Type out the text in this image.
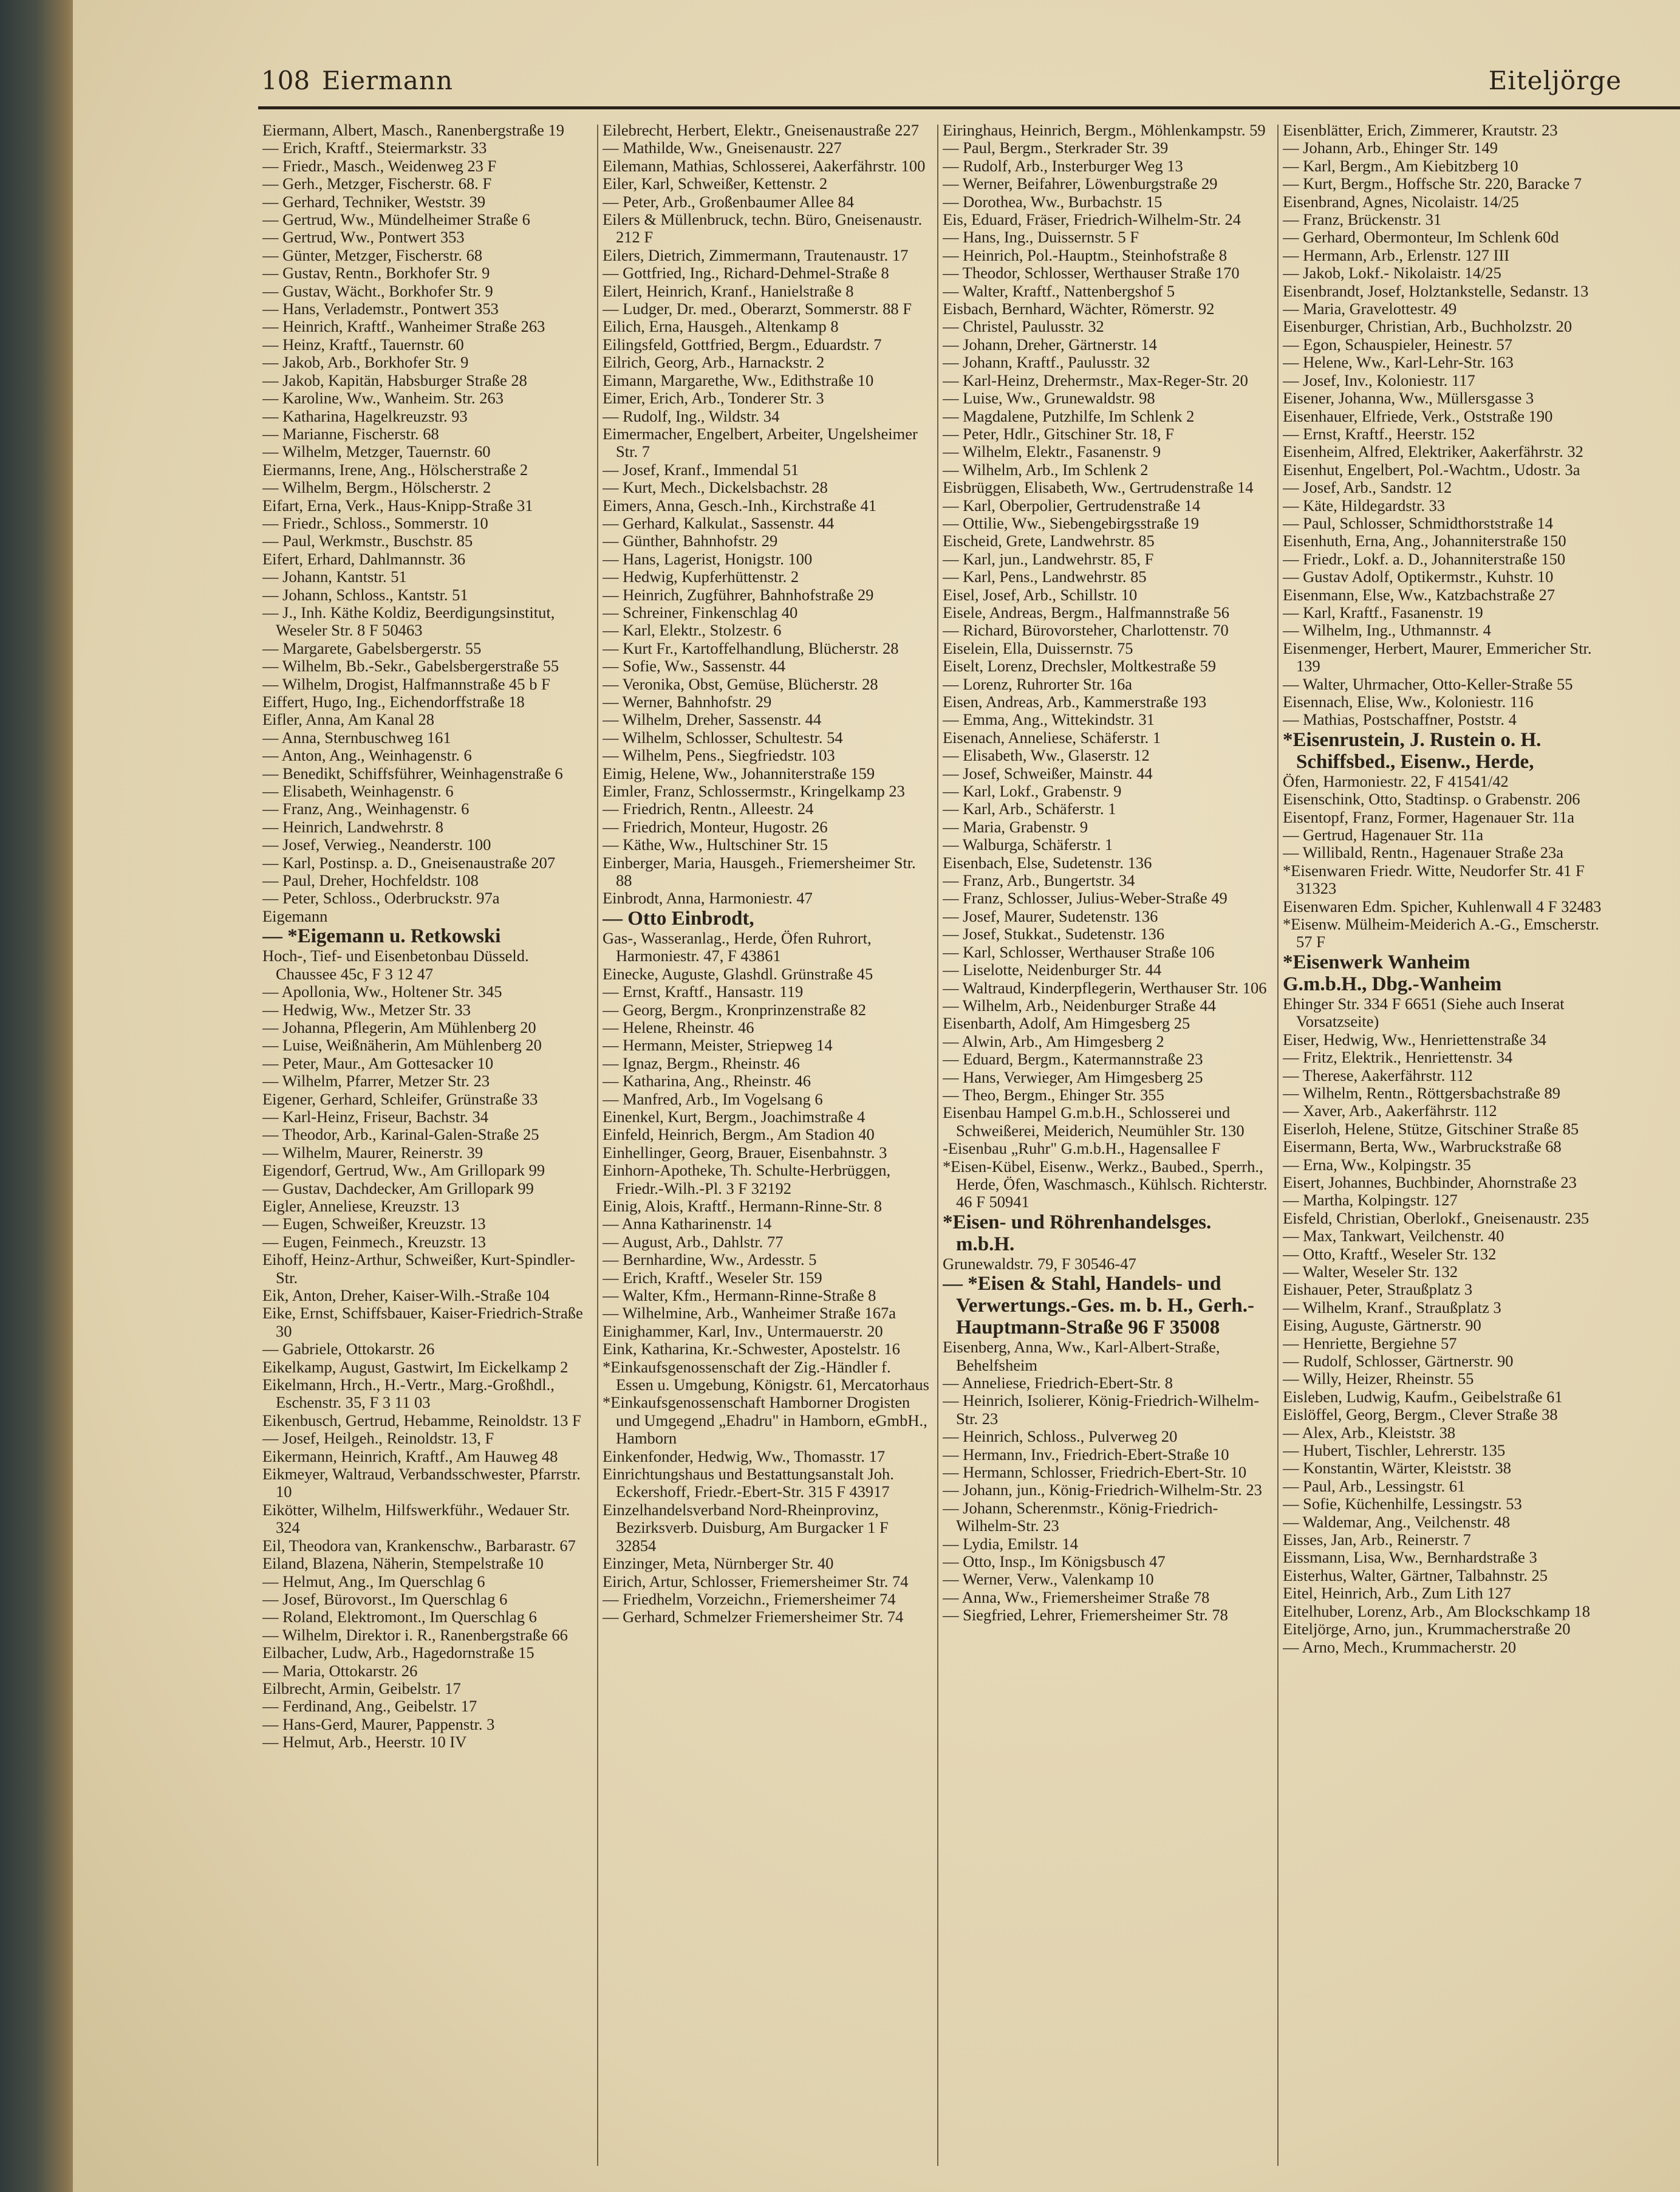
108 Eiermann	Eiteljörge

Eiermann, Albert, Masch., Ranenbergstraße 19

— Erich, Kraftf., Steiermarkstr. 33

— Friedr., Masch., Weidenweg 23 F

— Gerh., Metzger, Fischerstr. 68. F

— Gerhard, Techniker, Weststr. 39

— Gertrud, Ww., Mündelheimer Straße 6

— Gertrud, Ww., Pontwert 353

— Günter, Metzger, Fischerstr. 68

— Gustav, Rentn., Borkhofer Str. 9

— Gustav, Wächt., Borkhofer Str. 9

— Hans, Verlademstr., Pontwert 353

— Heinrich, Kraftf., Wanheimer Straße 263

— Heinz, Kraftf., Tauernstr. 60

— Jakob, Arb., Borkhofer Str. 9

— Jakob, Kapitän, Habsburger Straße 28

— Karoline, Ww., Wanheim. Str. 263

— Katharina, Hagelkreuzstr. 93

— Marianne, Fischerstr. 68

— Wilhelm, Metzger, Tauernstr. 60

Eiermanns, Irene, Ang., Hölscherstraße 2

— Wilhelm, Bergm., Hölscherstr. 2

Eifart, Erna, Verk., Haus-Knipp-Straße 31

— Friedr., Schloss., Sommerstr. 10

— Paul, Werkmstr., Buschstr. 85

Eifert, Erhard, Dahlmannstr. 36

— Johann, Kantstr. 51

— Johann, Schloss., Kantstr. 51

— J., Inh. Käthe Koldiz, Beerdigungsinstitut, Weseler Str. 8 F 50463

— Margarete, Gabelsbergerstr. 55

— Wilhelm, Bb.-Sekr., Gabelsbergerstraße 55

— Wilhelm, Drogist, Halfmannstraße 45 b F

Eiffert, Hugo, Ing., Eichendorffstraße 18

Eifler, Anna, Am Kanal 28

— Anna, Sternbuschweg 161

— Anton, Ang., Weinhagenstr. 6

— Benedikt, Schiffsführer, Weinhagenstraße 6

— Elisabeth, Weinhagenstr. 6

— Franz, Ang., Weinhagenstr. 6

— Heinrich, Landwehrstr. 8

— Josef, Verwieg., Neanderstr. 100

— Karl, Postinsp. a. D., Gneisenaustraße 207

— Paul, Dreher, Hochfeldstr. 108

— Peter, Schloss., Oderbruckstr. 97a

Eigemann

— *Eigemann u. Retkowski

Hoch-, Tief- und Eisenbetonbau Düsseld. Chaussee 45c, F 3 12 47

— Apollonia, Ww., Holtener Str. 345

— Hedwig, Ww., Metzer Str. 33

— Johanna, Pflegerin, Am Mühlenberg 20

— Luise, Weißnäherin, Am Mühlenberg 20

— Peter, Maur., Am Gottesacker 10

— Wilhelm, Pfarrer, Metzer Str. 23

Eigener, Gerhard, Schleifer, Grünstraße 33

— Karl-Heinz, Friseur, Bachstr. 34

— Theodor, Arb., Karinal-Galen-Straße 25

— Wilhelm, Maurer, Reinerstr. 39

Eigendorf, Gertrud, Ww., Am Grillopark 99

— Gustav, Dachdecker, Am Grillopark 99

Eigler, Anneliese, Kreuzstr. 13

— Eugen, Schweißer, Kreuzstr. 13

— Eugen, Feinmech., Kreuzstr. 13

Eihoff, Heinz-Arthur, Schweißer, Kurt-Spindler-Str.

Eik, Anton, Dreher, Kaiser-Wilh.-Straße 104

Eike, Ernst, Schiffsbauer, Kaiser-Friedrich-Straße 30

— Gabriele, Ottokarstr. 26

Eikelkamp, August, Gastwirt, Im Eickelkamp 2

Eikelmann, Hrch., H.-Vertr., Marg.-Großhdl., Eschenstr. 35, F 3 11 03

Eikenbusch, Gertrud, Hebamme, Reinoldstr. 13 F

— Josef, Heilgeh., Reinoldstr. 13, F

Eikermann, Heinrich, Kraftf., Am Hauweg 48

Eikmeyer, Waltraud, Verbandsschwester, Pfarrstr. 10

Eikötter, Wilhelm, Hilfswerkführ., Wedauer Str. 324

Eil, Theodora van, Krankenschw., Barbarastr. 67

Eiland, Blazena, Näherin, Stempelstraße 10

— Helmut, Ang., Im Querschlag 6

— Josef, Bürovorst., Im Querschlag 6

— Roland, Elektromont., Im Querschlag 6

— Wilhelm, Direktor i. R., Ranenbergstraße 66

Eilbacher, Ludw, Arb., Hagedornstraße 15

— Maria, Ottokarstr. 26

Eilbrecht, Armin, Geibelstr. 17

— Ferdinand, Ang., Geibelstr. 17

— Hans-Gerd, Maurer, Pappenstr. 3

— Helmut, Arb., Heerstr. 10 IV

Eilebrecht, Herbert, Elektr., Gneisenaustraße 227

— Mathilde, Ww., Gneisenaustr. 227

Eilemann, Mathias, Schlosserei, Aakerfährstr. 100

Eiler, Karl, Schweißer, Kettenstr. 2

— Peter, Arb., Großenbaumer Allee 84

Eilers & Müllenbruck, techn. Büro, Gneisenaustr. 212 F

Eilers, Dietrich, Zimmermann, Trautenaustr. 17

— Gottfried, Ing., Richard-Dehmel-Straße 8

Eilert, Heinrich, Kranf., Hanielstraße 8

— Ludger, Dr. med., Oberarzt, Sommerstr. 88 F

Eilich, Erna, Hausgeh., Altenkamp 8

Eilingsfeld, Gottfried, Bergm., Eduardstr. 7

Eilrich, Georg, Arb., Harnackstr. 2

Eimann, Margarethe, Ww., Edithstraße 10

Eimer, Erich, Arb., Tonderer Str. 3

— Rudolf, Ing., Wildstr. 34

Eimermacher, Engelbert, Arbeiter, Ungelsheimer Str. 7

— Josef, Kranf., Immendal 51

— Kurt, Mech., Dickelsbachstr. 28

Eimers, Anna, Gesch.-Inh., Kirchstraße 41

— Gerhard, Kalkulat., Sassenstr. 44

— Günther, Bahnhofstr. 29

— Hans, Lagerist, Honigstr. 100

— Hedwig, Kupferhüttenstr. 2

— Heinrich, Zugführer, Bahnhofstraße 29

— Schreiner, Finkenschlag 40

— Karl, Elektr., Stolzestr. 6

— Kurt Fr., Kartoffelhandlung, Blücherstr. 28

— Sofie, Ww., Sassenstr. 44

— Veronika, Obst, Gemüse, Blücherstr. 28

— Werner, Bahnhofstr. 29

— Wilhelm, Dreher, Sassenstr. 44

— Wilhelm, Schlosser, Schultestr. 54

— Wilhelm, Pens., Siegfriedstr. 103

Eimig, Helene, Ww., Johanniterstraße 159

Eimler, Franz, Schlossermstr., Kringelkamp 23

— Friedrich, Rentn., Alleestr. 24

— Friedrich, Monteur, Hugostr. 26

— Käthe, Ww., Hultschiner Str. 15

Einberger, Maria, Hausgeh., Friemersheimer Str. 88

Einbrodt, Anna, Harmoniestr. 47

— Otto Einbrodt,

Gas-, Wasseranlag., Herde, Öfen Ruhrort, Harmoniestr. 47, F 43861

Einecke, Auguste, Glashdl. Grünstraße 45

— Ernst, Kraftf., Hansastr. 119

— Georg, Bergm., Kronprinzenstraße 82

— Helene, Rheinstr. 46

— Hermann, Meister, Striepweg 14

— Ignaz, Bergm., Rheinstr. 46

— Katharina, Ang., Rheinstr. 46

— Manfred, Arb., Im Vogelsang 6

Einenkel, Kurt, Bergm., Joachimstraße 4

Einfeld, Heinrich, Bergm., Am Stadion 40

Einhellinger, Georg, Brauer, Eisenbahnstr. 3

Einhorn-Apotheke, Th. Schulte-Herbrüggen, Friedr.-Wilh.-Pl. 3 F 32192

Einig, Alois, Kraftf., Hermann-Rinne-Str. 8

— Anna Katharinenstr. 14

— August, Arb., Dahlstr. 77

— Bernhardine, Ww., Ardesstr. 5

— Erich, Kraftf., Weseler Str. 159

— Walter, Kfm., Hermann-Rinne-Straße 8

— Wilhelmine, Arb., Wanheimer Straße 167a

Einighammer, Karl, Inv., Untermauerstr. 20

Eink, Katharina, Kr.-Schwester, Apostelstr. 16

*Einkaufsgenossenschaft der Zig.-Händler f. Essen u. Umgebung, Königstr. 61, Mercatorhaus

*Einkaufsgenossenschaft Hamborner Drogisten und Umgegend „Ehadru" in Hamborn, eGmbH., Hamborn

Einkenfonder, Hedwig, Ww., Thomasstr. 17

Einrichtungshaus und Bestattungsanstalt Joh. Eckershoff, Friedr.-Ebert-Str. 315 F 43917

Einzelhandelsverband Nord-Rheinprovinz, Bezirksverb. Duisburg, Am Burgacker 1 F 32854

Einzinger, Meta, Nürnberger Str. 40

Eirich, Artur, Schlosser, Friemersheimer Str. 74

— Friedhelm, Vorzeichn., Friemersheimer 74

— Gerhard, Schmelzer Friemersheimer Str. 74

Eiringhaus, Heinrich, Bergm., Möhlenkampstr. 59

— Paul, Bergm., Sterkrader Str. 39

— Rudolf, Arb., Insterburger Weg 13

— Werner, Beifahrer, Löwenburgstraße 29

— Dorothea, Ww., Burbachstr. 15

Eis, Eduard, Fräser, Friedrich-Wilhelm-Str. 24

— Hans, Ing., Duissernstr. 5 F

— Heinrich, Pol.-Hauptm., Steinhofstraße 8

— Theodor, Schlosser, Werthauser Straße 170

— Walter, Kraftf., Nattenbergshof 5

Eisbach, Bernhard, Wächter, Römerstr. 92

— Christel, Paulusstr. 32

— Johann, Dreher, Gärtnerstr. 14

— Johann, Kraftf., Paulusstr. 32

— Karl-Heinz, Drehermstr., Max-Reger-Str. 20

— Luise, Ww., Grunewaldstr. 98

— Magdalene, Putzhilfe, Im Schlenk 2

— Peter, Hdlr., Gitschiner Str. 18, F

— Wilhelm, Elektr., Fasanenstr. 9

— Wilhelm, Arb., Im Schlenk 2

Eisbrüggen, Elisabeth, Ww., Gertrudenstraße 14

— Karl, Oberpolier, Gertrudenstraße 14

— Ottilie, Ww., Siebengebirgsstraße 19

Eischeid, Grete, Landwehrstr. 85

— Karl, jun., Landwehrstr. 85, F

— Karl, Pens., Landwehrstr. 85

Eisel, Josef, Arb., Schillstr. 10

Eisele, Andreas, Bergm., Halfmannstraße 56

— Richard, Bürovorsteher, Charlottenstr. 70

Eiselein, Ella, Duissernstr. 75

Eiselt, Lorenz, Drechsler, Moltkestraße 59

— Lorenz, Ruhrorter Str. 16a

Eisen, Andreas, Arb., Kammerstraße 193

— Emma, Ang., Wittekindstr. 31

Eisenach, Anneliese, Schäferstr. 1

— Elisabeth, Ww., Glaserstr. 12

— Josef, Schweißer, Mainstr. 44

— Karl, Lokf., Grabenstr. 9

— Karl, Arb., Schäferstr. 1

— Maria, Grabenstr. 9

— Walburga, Schäferstr. 1

Eisenbach, Else, Sudetenstr. 136

— Franz, Arb., Bungertstr. 34

— Franz, Schlosser, Julius-Weber-Straße 49

— Josef, Maurer, Sudetenstr. 136

— Josef, Stukkat., Sudetenstr. 136

— Karl, Schlosser, Werthauser Straße 106

— Liselotte, Neidenburger Str. 44

— Waltraud, Kinderpflegerin, Werthauser Str. 106

— Wilhelm, Arb., Neidenburger Straße 44

Eisenbarth, Adolf, Am Himgesberg 25

— Alwin, Arb., Am Himgesberg 2

— Eduard, Bergm., Katermannstraße 23

— Hans, Verwieger, Am Himgesberg 25

— Theo, Bergm., Ehinger Str. 355

Eisenbau Hampel G.m.b.H., Schlosserei und Schweißerei, Meiderich, Neumühler Str. 130

-Eisenbau „Ruhr" G.m.b.H., Hagensallee F

*Eisen-Kübel, Eisenw., Werkz., Baubed., Sperrh., Herde, Öfen, Waschmasch., Kühlsch. Richterstr. 46 F 50941

*Eisen- und Röhrenhandelsges. m.b.H.

Grunewaldstr. 79, F 30546-47

— *Eisen & Stahl, Handels- und Verwertungs.-Ges. m. b. H., Gerh.-Hauptmann-Straße 96 F 35008

Eisenberg, Anna, Ww., Karl-Albert-Straße, Behelfsheim

— Anneliese, Friedrich-Ebert-Str. 8

— Heinrich, Isolierer, König-Friedrich-Wilhelm-Str. 23

— Heinrich, Schloss., Pulverweg 20

— Hermann, Inv., Friedrich-Ebert-Straße 10

— Hermann, Schlosser, Friedrich-Ebert-Str. 10

— Johann, jun., König-Friedrich-Wilhelm-Str. 23

— Johann, Scherenmstr., König-Friedrich-Wilhelm-Str. 23

— Lydia, Emilstr. 14

— Otto, Insp., Im Königsbusch 47

— Werner, Verw., Valenkamp 10

— Anna, Ww., Friemersheimer Straße 78

— Siegfried, Lehrer, Friemersheimer Str. 78

Eisenblätter, Erich, Zimmerer, Krautstr. 23

— Johann, Arb., Ehinger Str. 149

— Karl, Bergm., Am Kiebitzberg 10

— Kurt, Bergm., Hoffsche Str. 220, Baracke 7

Eisenbrand, Agnes, Nicolaistr. 14/25

— Franz, Brückenstr. 31

— Gerhard, Obermonteur, Im Schlenk 60d

— Hermann, Arb., Erlenstr. 127 III

— Jakob, Lokf.- Nikolaistr. 14/25

Eisenbrandt, Josef, Holztankstelle, Sedanstr. 13

— Maria, Gravelottestr. 49

Eisenburger, Christian, Arb., Buchholzstr. 20

— Egon, Schauspieler, Heinestr. 57

— Helene, Ww., Karl-Lehr-Str. 163

— Josef, Inv., Koloniestr. 117

Eisener, Johanna, Ww., Müllersgasse 3

Eisenhauer, Elfriede, Verk., Oststraße 190

— Ernst, Kraftf., Heerstr. 152

Eisenheim, Alfred, Elektriker, Aakerfährstr. 32

Eisenhut, Engelbert, Pol.-Wachtm., Udostr. 3a

— Josef, Arb., Sandstr. 12

— Käte, Hildegardstr. 33

— Paul, Schlosser, Schmidthorststraße 14

Eisenhuth, Erna, Ang., Johanniterstraße 150

— Friedr., Lokf. a. D., Johanniterstraße 150

— Gustav Adolf, Optikermstr., Kuhstr. 10

Eisenmann, Else, Ww., Katzbachstraße 27

— Karl, Kraftf., Fasanenstr. 19

— Wilhelm, Ing., Uthmannstr. 4

Eisenmenger, Herbert, Maurer, Emmericher Str. 139

— Walter, Uhrmacher, Otto-Keller-Straße 55

Eisennach, Elise, Ww., Koloniestr. 116

— Mathias, Postschaffner, Poststr. 4

*Eisenrustein, J. Rustein o. H. Schiffsbed., Eisenw., Herde,

Öfen, Harmoniestr. 22, F 41541/42

Eisenschink, Otto, Stadtinsp. o Grabenstr. 206

Eisentopf, Franz, Former, Hagenauer Str. 11a

— Gertrud, Hagenauer Str. 11a

— Willibald, Rentn., Hagenauer Straße 23a

*Eisenwaren Friedr. Witte, Neudorfer Str. 41 F 31323

Eisenwaren Edm. Spicher, Kuhlenwall 4 F 32483

*Eisenw. Mülheim-Meiderich A.-G., Emscherstr. 57 F

*Eisenwerk Wanheim

G.m.b.H., Dbg.-Wanheim

Ehinger Str. 334 F 6651 (Siehe auch Inserat Vorsatzseite)

Eiser, Hedwig, Ww., Henriettenstraße 34

— Fritz, Elektrik., Henriettenstr. 34

— Therese, Aakerfährstr. 112

— Wilhelm, Rentn., Röttgersbachstraße 89

— Xaver, Arb., Aakerfährstr. 112

Eiserloh, Helene, Stütze, Gitschiner Straße 85

Eisermann, Berta, Ww., Warbruckstraße 68

— Erna, Ww., Kolpingstr. 35

Eisert, Johannes, Buchbinder, Ahornstraße 23

— Martha, Kolpingstr. 127

Eisfeld, Christian, Oberlokf., Gneisenaustr. 235

— Max, Tankwart, Veilchenstr. 40

— Otto, Kraftf., Weseler Str. 132

— Walter, Weseler Str. 132

Eishauer, Peter, Straußplatz 3

— Wilhelm, Kranf., Straußplatz 3

Eising, Auguste, Gärtnerstr. 90

— Henriette, Bergiehne 57

— Rudolf, Schlosser, Gärtnerstr. 90

— Willy, Heizer, Rheinstr. 55

Eisleben, Ludwig, Kaufm., Geibelstraße 61

Eislöffel, Georg, Bergm., Clever Straße 38

— Alex, Arb., Kleiststr. 38

— Hubert, Tischler, Lehrerstr. 135

— Konstantin, Wärter, Kleiststr. 38

— Paul, Arb., Lessingstr. 61

— Sofie, Küchenhilfe, Lessingstr. 53

— Waldemar, Ang., Veilchenstr. 48

Eisses, Jan, Arb., Reinerstr. 7

Eissmann, Lisa, Ww., Bernhardstraße 3

Eisterhus, Walter, Gärtner, Talbahnstr. 25

Eitel, Heinrich, Arb., Zum Lith 127

Eitelhuber, Lorenz, Arb., Am Blockschkamp 18

Eiteljörge, Arno, jun., Krummacherstraße 20

— Arno, Mech., Krummacherstr. 20
